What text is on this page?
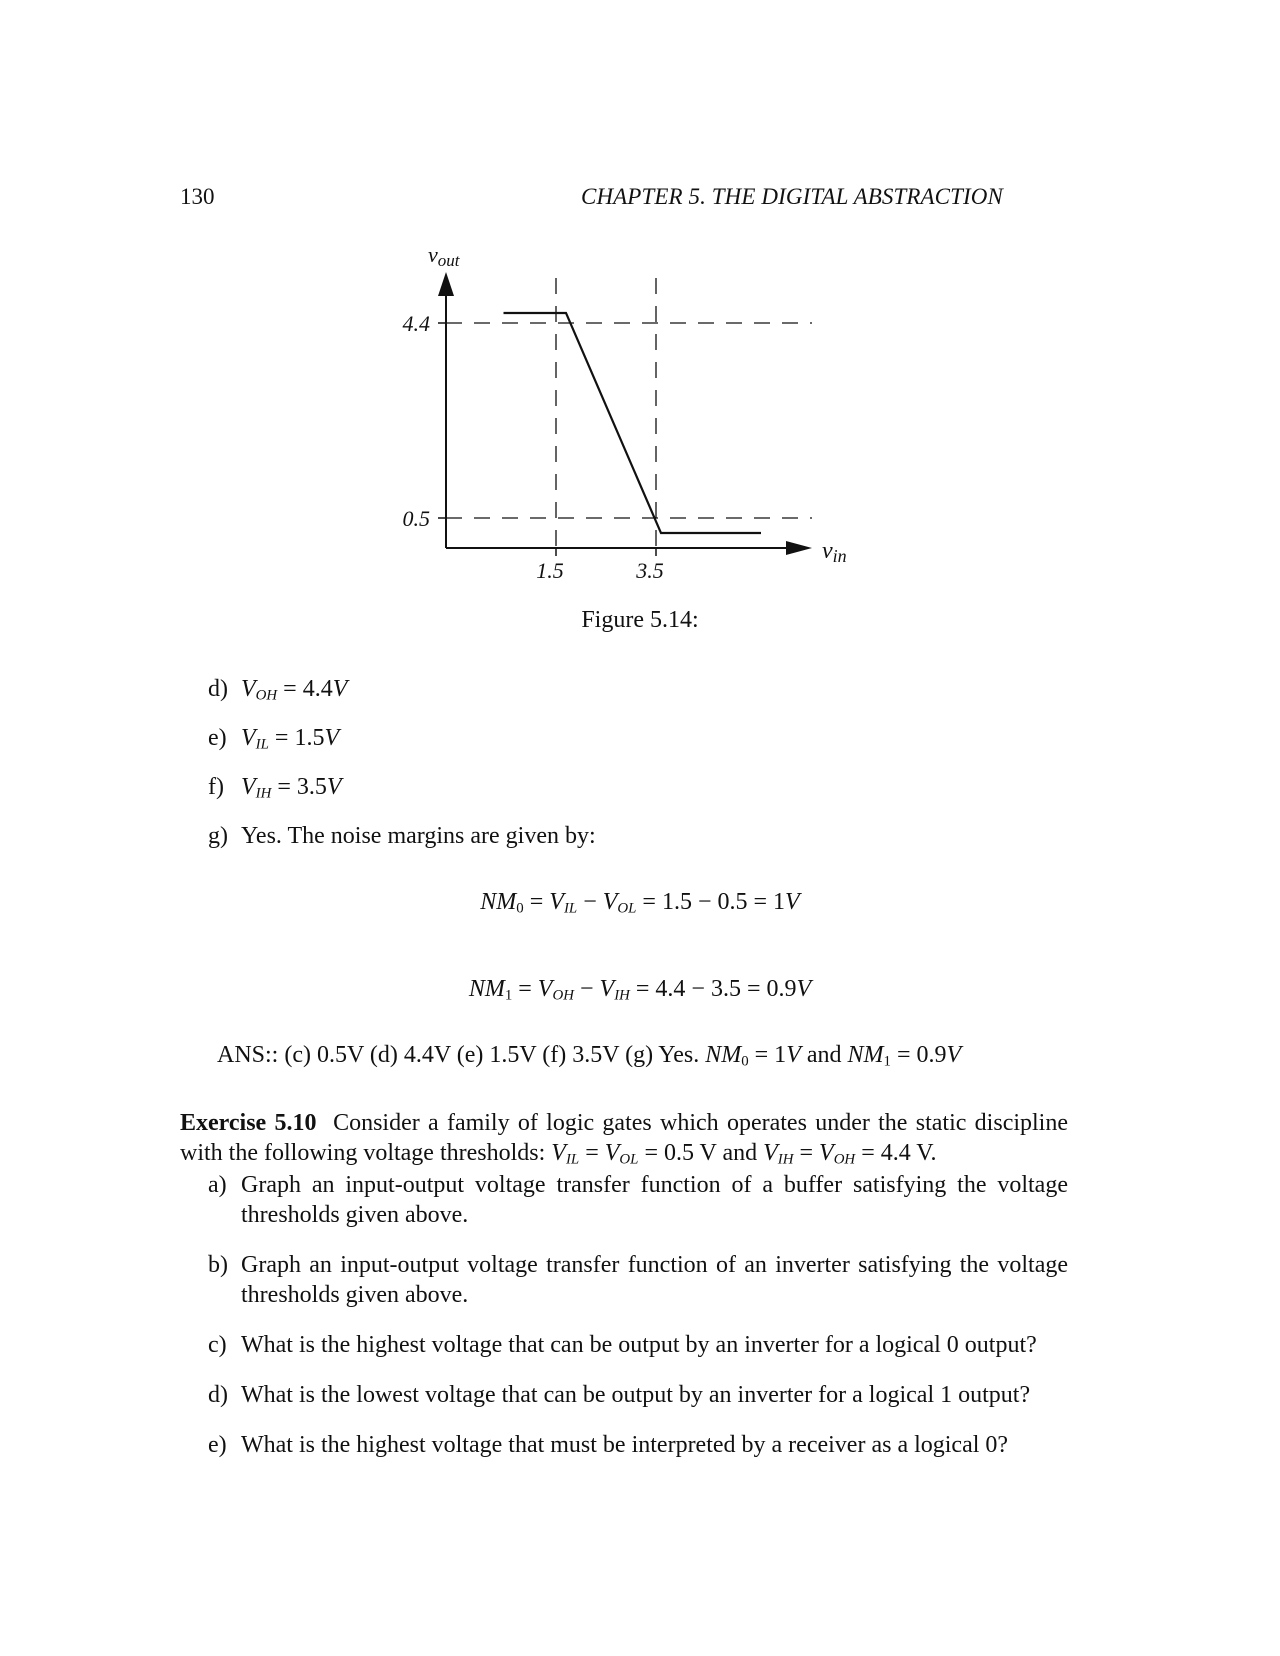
130	CHAPTER 5. THE DIGITAL ABSTRACTION
1.5	3.5
4.4
0.5
vout
vin
Figure 5.14:
d) $V_{OH} = 4.4V$
e) $V_{IL} = 1.5V$
f) $V_{IH} = 3.5V$
g) Yes. The noise margins are given by:
$NM_0 = V_{IL} - V_{OL} = 1.5 - 0.5 = 1V$
$NM_1 = V_{OH} - V_{IH} = 4.4 - 3.5 = 0.9V$
ANS:: (c) 0.5V (d) 4.4V (e) 1.5V (f) 3.5V (g) Yes. $NM_0 = 1V$ and $NM_1 = 0.9V$
Exercise 5.10 Consider a family of logic gates which operates under the static discipline with the following voltage thresholds: $V_{IL} = V_{OL} = 0.5$ V and $V_{IH} = V_{OH} = 4.4$ V.
a) Graph an input-output voltage transfer function of a buffer satisfying the voltage thresholds given above.
b) Graph an input-output voltage transfer function of an inverter satisfying the voltage thresholds given above.
c) What is the highest voltage that can be output by an inverter for a logical 0 output?
d) What is the lowest voltage that can be output by an inverter for a logical 1 output?
e) What is the highest voltage that must be interpreted by a receiver as a logical 0?
